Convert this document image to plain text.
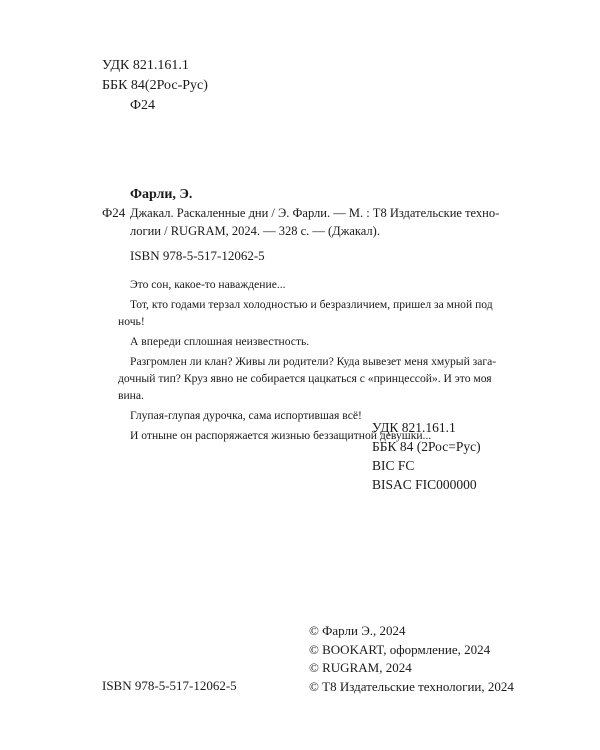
УДК 821.161.1
ББК 84(2Рос-Рус)
Ф24
Фарли, Э.
Ф24 Джакал. Раскаленные дни / Э. Фарли. — М. : Т8 Издательские техно-
логии / RUGRAM, 2024. — 328 с. — (Джакал).
ISBN 978-5-517-12062-5

Это сон, какое-то наваждение...

Тот, кто годами терзал холодностью и безразличием, пришел за мной под
ночь!

А впереди сплошная неизвестность.

Разгромлен ли клан? Живы ли родители? Куда вывезет меня хмурый зага-
дочный тип? Круз явно не собирается цацкаться с «принцессой». И это моя
вина.

Глупая-глупая дурочка, сама испортившая всё!

И отныне он распоряжается жизнью беззащитной девушки...

УДК 821.161.1
ББК 84 (2Рос=Рус)
BIC FC
BISAC FIC000000
© Фарли Э., 2024
© BOOKART, оформление, 2024
© RUGRAM, 2024
© Т8 Издательские технологии, 2024
ISBN 978-5-517-12062-5
